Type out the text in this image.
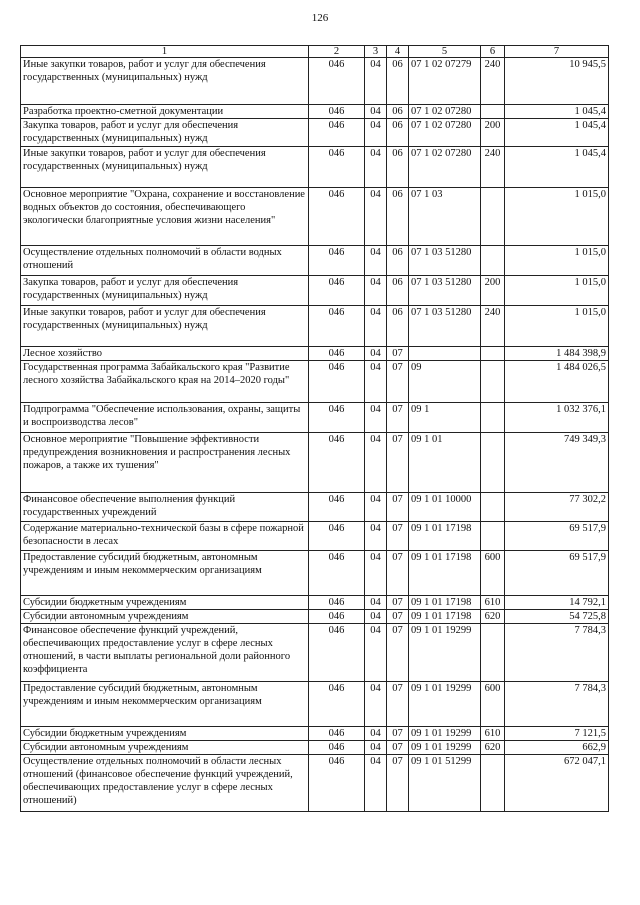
126
1	2	3	4	5	6	7
Иные закупки товаров, работ и услуг для обеспечения государственных (муниципальных) нужд	046	04	06	07 1 02 07279	240	10 945,5
Разработка проектно-сметной документации	046	04	06	07 1 02 07280		1 045,4
Закупка товаров, работ и услуг для обеспечения государственных (муниципальных) нужд	046	04	06	07 1 02 07280	200	1 045,4
Иные закупки товаров, работ и услуг для обеспечения государственных (муниципальных) нужд	046	04	06	07 1 02 07280	240	1 045,4
Основное мероприятие "Охрана, сохранение и восстановление водных объектов до состояния, обеспечивающего экологически благоприятные условия жизни населения"	046	04	06	07 1 03		1 015,0
Осуществление отдельных полномочий в области водных отношений	046	04	06	07 1 03 51280		1 015,0
Закупка товаров, работ и услуг для обеспечения государственных (муниципальных) нужд	046	04	06	07 1 03 51280	200	1 015,0
Иные закупки товаров, работ и услуг для обеспечения государственных (муниципальных) нужд	046	04	06	07 1 03 51280	240	1 015,0
Лесное хозяйство	046	04	07			1 484 398,9
Государственная программа Забайкальского края "Развитие лесного хозяйства Забайкальского края на 2014–2020 годы"	046	04	07	09		1 484 026,5
Подпрограмма "Обеспечение использования, охраны, защиты и воспроизводства лесов"	046	04	07	09 1		1 032 376,1
Основное мероприятие "Повышение эффективности предупреждения возникновения и распространения лесных пожаров, а также их тушения"	046	04	07	09 1 01		749 349,3
Финансовое обеспечение выполнения функций государственных учреждений	046	04	07	09 1 01 10000		77 302,2
Содержание материально-технической базы в сфере пожарной безопасности в лесах	046	04	07	09 1 01 17198		69 517,9
Предоставление субсидий бюджетным, автономным учреждениям и иным некоммерческим организациям	046	04	07	09 1 01 17198	600	69 517,9
Субсидии бюджетным учреждениям	046	04	07	09 1 01 17198	610	14 792,1
Субсидии автономным учреждениям	046	04	07	09 1 01 17198	620	54 725,8
Финансовое обеспечение функций учреждений, обеспечивающих предоставление услуг в сфере лесных отношений, в части выплаты региональной доли районного коэффициента	046	04	07	09 1 01 19299		7 784,3
Предоставление субсидий бюджетным, автономным учреждениям и иным некоммерческим организациям	046	04	07	09 1 01 19299	600	7 784,3
Субсидии бюджетным учреждениям	046	04	07	09 1 01 19299	610	7 121,5
Субсидии автономным учреждениям	046	04	07	09 1 01 19299	620	662,9
Осуществление отдельных полномочий в области лесных отношений (финансовое обеспечение функций учреждений, обеспечивающих предоставление услуг в сфере лесных отношений)	046	04	07	09 1 01 51299		672 047,1
